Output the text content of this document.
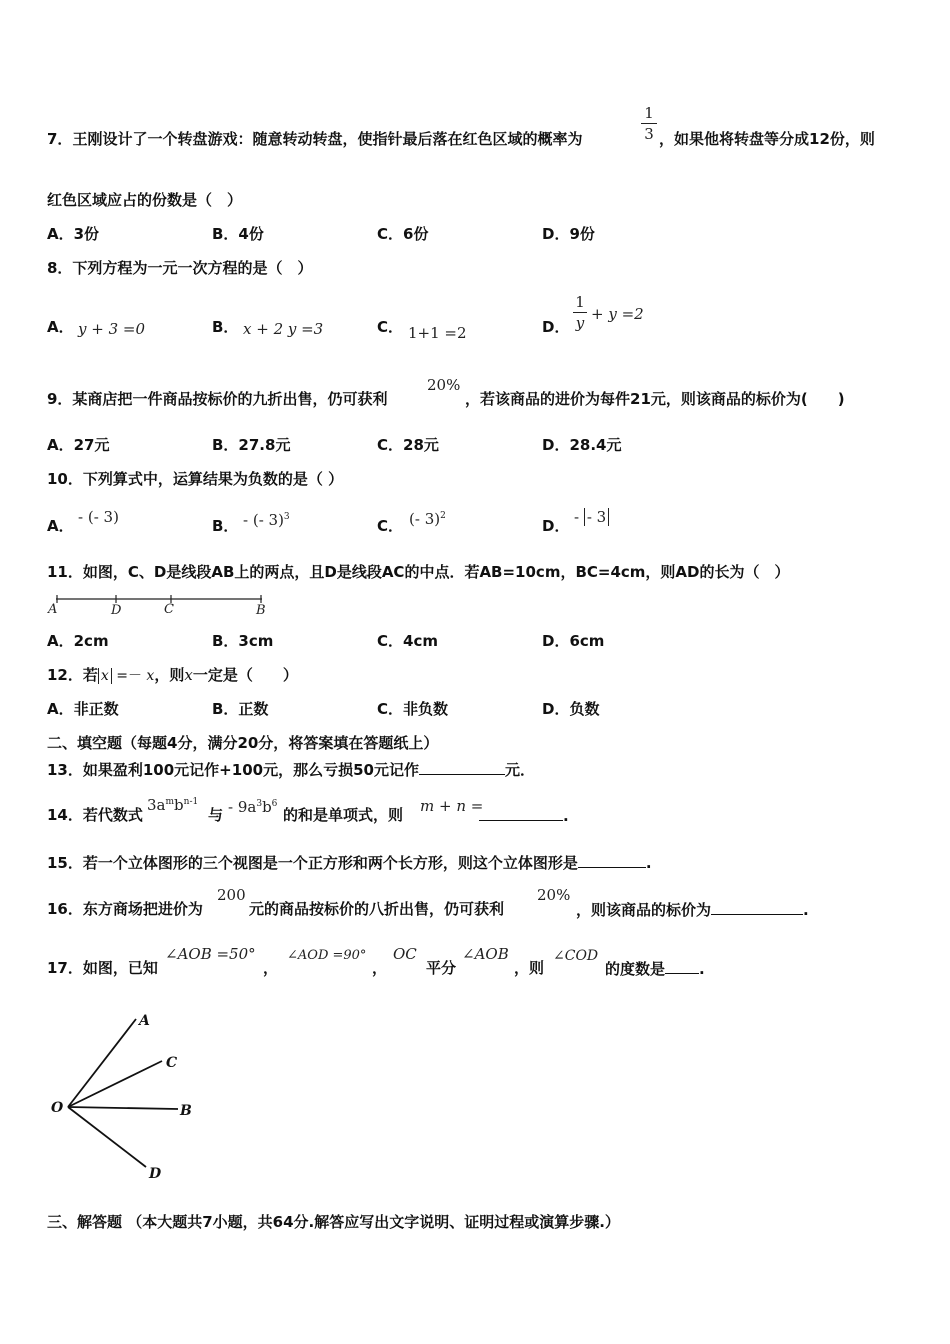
7．王刚设计了一个转盘游戏：随意转动转盘，使指针最后落在红色区域的概率为
1
3 ，如果他将转盘等分成12份，则
红色区域应占的份数是（　）
A．3份	B．4份	C．6份	D．9份
8．下列方程为一元一次方程的是（　）
A． y + 3 =0	B． x + 2 y =3	C． 1+1 =2	D．
1
y + y =2
9．某商店把一件商品按标价的九折出售，仍可获利
20%
，若该商品的进价为每件21元，则该商品的标价为(　　)
A．27元	B．27.8元	C．28元	D．28.4元
10．下列算式中，运算结果为负数的是（ ）
A． - (- 3)	B． - (- 3)$^3$	C． (- 3)$^2$
D． - - 3
11．如图，C、D是线段AB上的两点，且D是线段AC的中点．若AB=10cm，BC=4cm，则AD的长为（　）
A	D	C	B
A．2cm	B．3cm	C．4cm	D．6cm
12．若 x =－ x，则x一定是（　　）
A．非正数	B．正数	C．非负数	D．负数
二、填空题（每题4分，满分20分，将答案填在答题纸上）
13．如果盈利100元记作+100元，那么亏损50元记作	元．
14．若代数式
$3a^mb^{n-1}$
与 - $9a^3b^6$
的和是单项式，则 m + n =
.
15．若一个立体图形的三个视图是一个正方形和两个长方形，则这个立体图形是	.
16．东方商场把进价为
200
元的商品按标价的八折出售，仍可获利
20%
，则该商品的标价为	.
17．如图，已知
∠AOB =50°
，
∠AOD =90°
，
OC
平分
∠AOB
，则
∠COD
的度数是 .
A
C
O	B
D
三、解答题 （本大题共7小题，共64分.解答应写出文字说明、证明过程或演算步骤.）
